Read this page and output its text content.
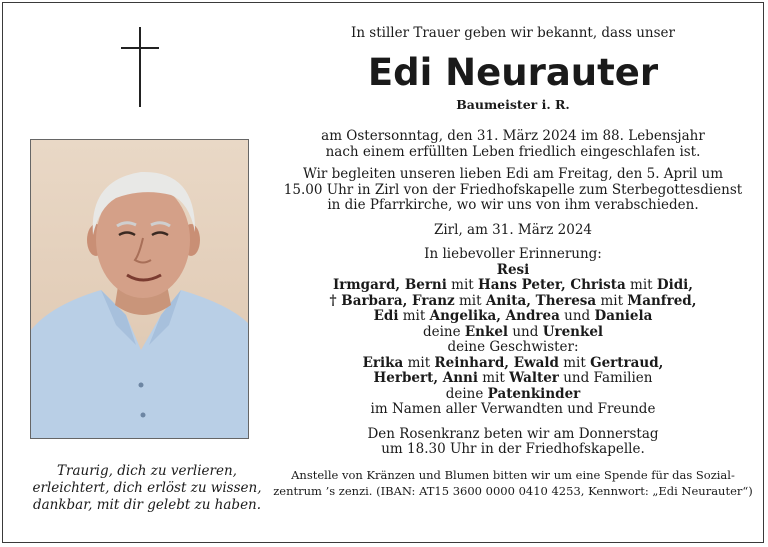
Traurig, dich zu verlieren,
erleichtert, dich erlöst zu wissen,
dankbar, mit dir gelebt zu haben.
In stiller Trauer geben wir bekannt, dass unser
Edi Neurauter
Baumeister i. R.
am Ostersonntag, den 31. März 2024 im 88. Lebensjahr
nach einem erfüllten Leben friedlich eingeschlafen ist.
Wir begleiten unseren lieben Edi am Freitag, den 5. April um
15.00 Uhr in Zirl von der Friedhofskapelle zum Sterbegottesdienst
in die Pfarrkirche, wo wir uns von ihm verabschieden.
Zirl, am 31. März 2024
In liebevoller Erinnerung:
Resi
Irmgard, Berni mit Hans Peter, Christa mit Didi,
† Barbara, Franz mit Anita, Theresa mit Manfred,
Edi mit Angelika, Andrea und Daniela
deine Enkel und Urenkel
deine Geschwister:
Erika mit Reinhard, Ewald mit Gertraud,
Herbert, Anni mit Walter und Familien
deine Patenkinder
im Namen aller Verwandten und Freunde
Den Rosenkranz beten wir am Donnerstag
um 18.30 Uhr in der Friedhofskapelle.
Anstelle von Kränzen und Blumen bitten wir um eine Spende für das Sozial-
zentrum ’s zenzi. (IBAN: AT15 3600 0000 0410 4253, Kennwort: „Edi Neurauter“)
